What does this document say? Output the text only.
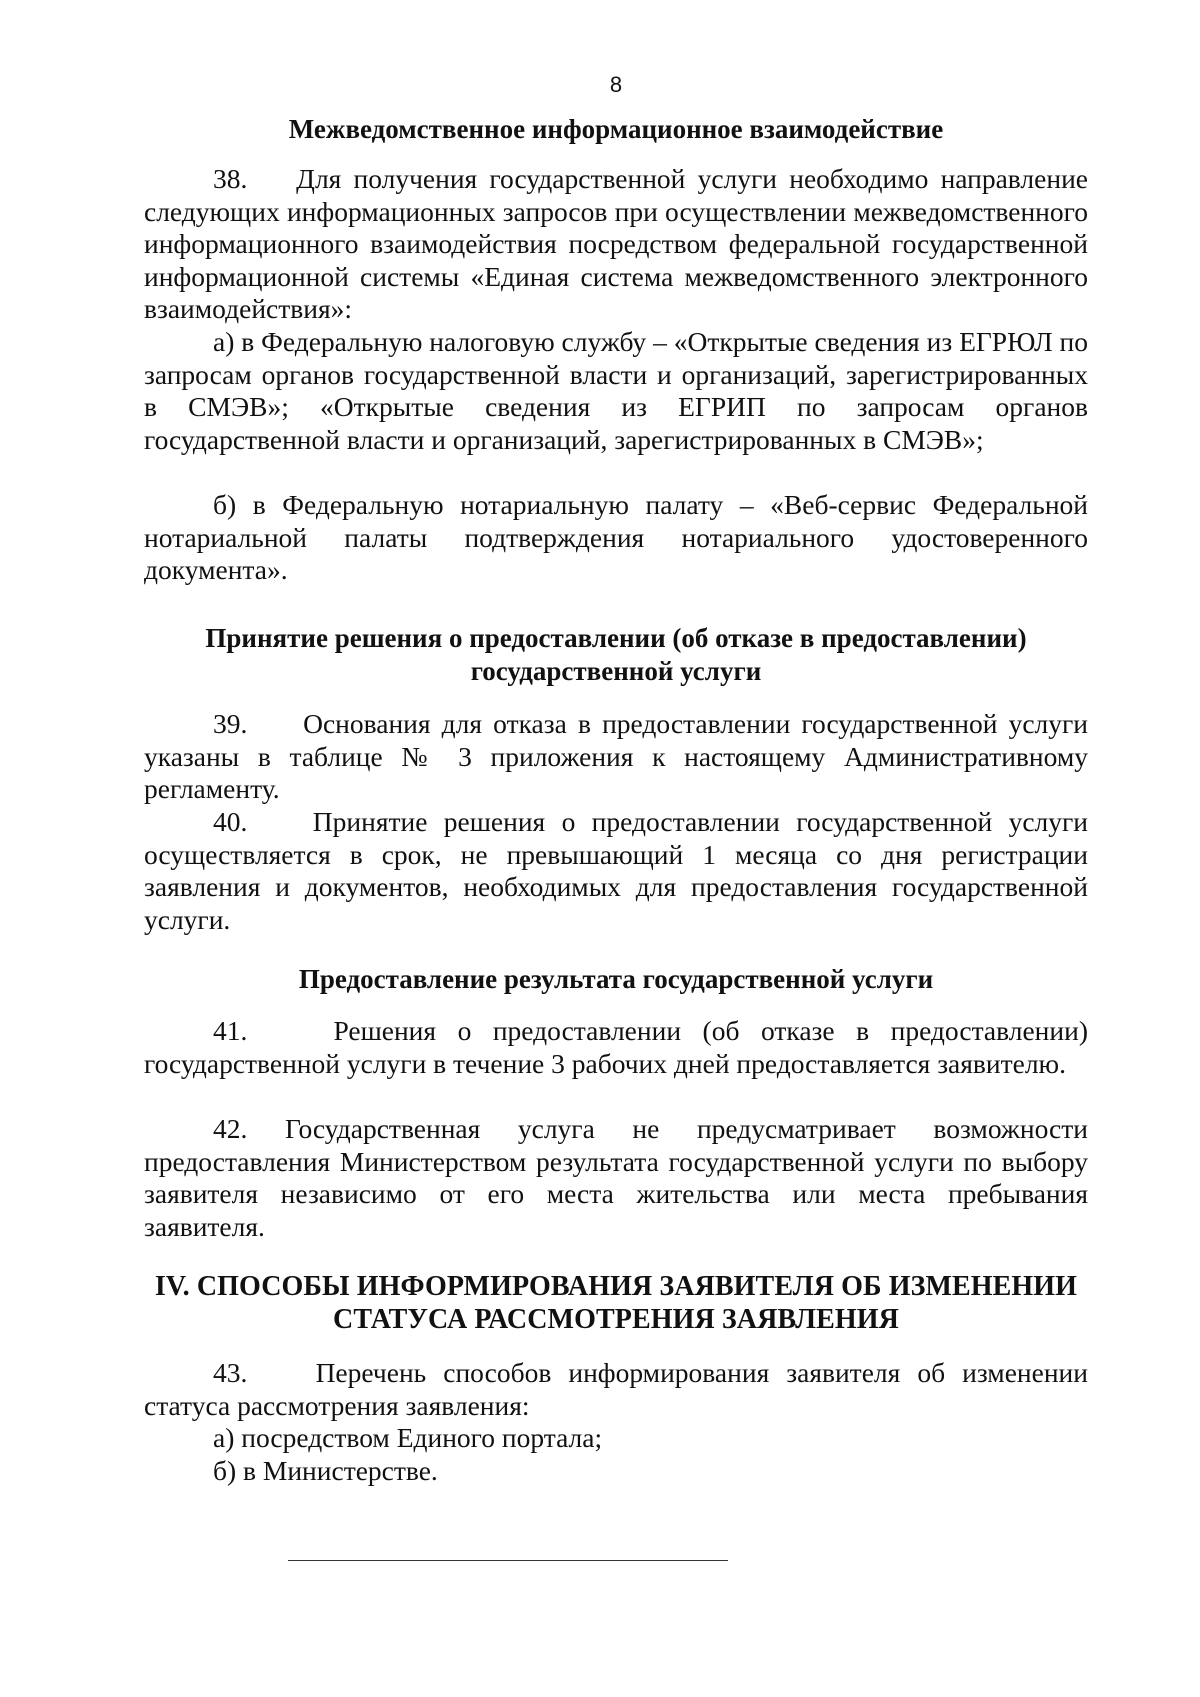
8
Межведомственное информационное взаимодействие

38.    Для получения государственной услуги необходимо направление следующих информационных запросов при осуществлении межведомственного информационного взаимодействия посредством федеральной государственной информационной системы «Единая система межведомственного электронного взаимодействия»:

а) в Федеральную налоговую службу – «Открытые сведения из ЕГРЮЛ по запросам органов государственной власти и организаций, зарегистрированных в СМЭВ»; «Открытые сведения из ЕГРИП по запросам органов государственной власти и организаций, зарегистрированных в СМЭВ»;

б) в Федеральную нотариальную палату – «Веб-сервис Федеральной нотариальной палаты подтверждения нотариального удостоверенного документа».

Принятие решения о предоставлении (об отказе в предоставлении)
государственной услуги

39.     Основания для отказа в предоставлении государственной услуги указаны в таблице № 3 приложения к настоящему Административному регламенту.

40.    Принятие решения о предоставлении государственной услуги осуществляется в срок, не превышающий 1 месяца со дня регистрации заявления и документов, необходимых для предоставления государственной услуги.

Предоставление результата государственной услуги

41.    Решения о предоставлении (об отказе в предоставлении) государственной услуги в течение 3 рабочих дней предоставляется заявителю.

42. Государственная услуга не предусматривает возможности предоставления Министерством результата государственной услуги по выбору заявителя независимо от его места жительства или места пребывания заявителя.

IV. СПОСОБЫ ИНФОРМИРОВАНИЯ ЗАЯВИТЕЛЯ ОБ ИЗМЕНЕНИИ
СТАТУСА РАССМОТРЕНИЯ ЗАЯВЛЕНИЯ

43.    Перечень способов информирования заявителя об изменении статуса рассмотрения заявления:

а) посредством Единого портала;

б) в Министерстве.
